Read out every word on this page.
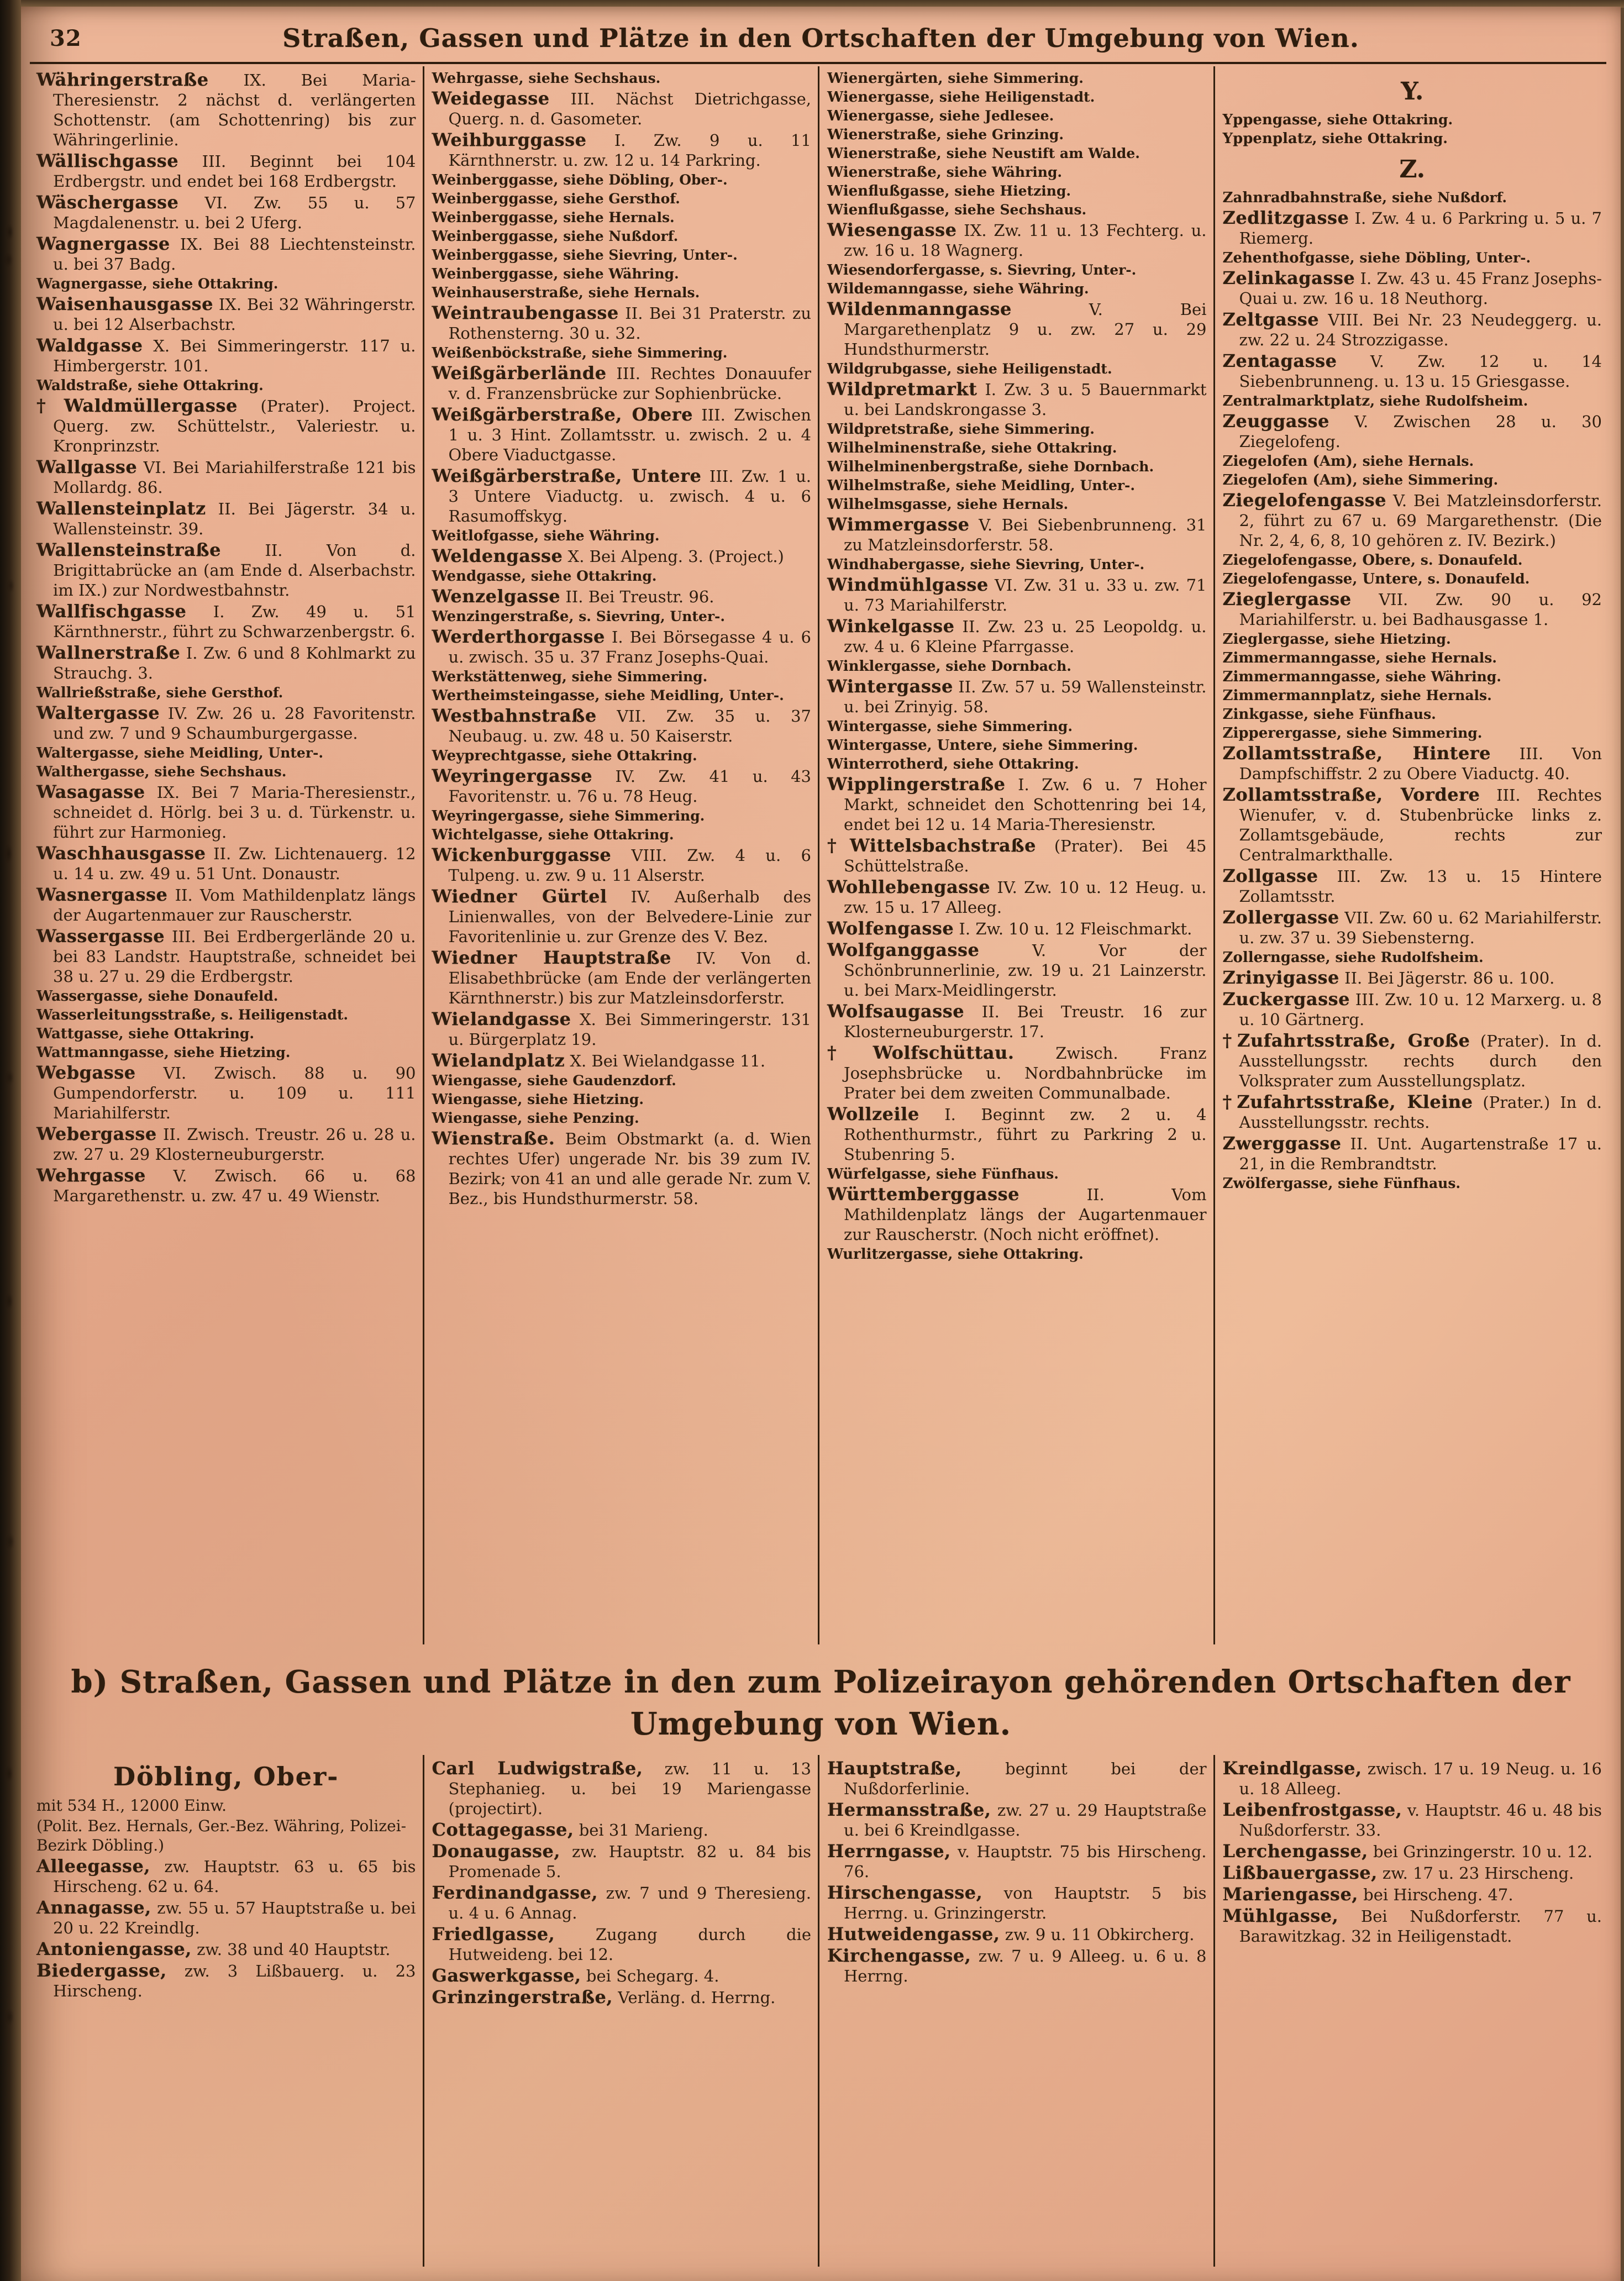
32	Straßen, Gassen und Plätze in den Ortschaften der Umgebung von Wien.
Währingerstraße IX. Bei Maria-Theresienstr. 2 nächst d. verlängerten Schottenstr. (am Schottenring) bis zur Währingerlinie.
Wällischgasse III. Beginnt bei 104 Erdbergstr. und endet bei 168 Erdbergstr.
Wäschergasse VI. Zw. 55 u. 57 Magdalenenstr. u. bei 2 Uferg.
Wagnergasse IX. Bei 88 Liechtensteinstr. u. bei 37 Badg.
Wagnergasse, siehe Ottakring.
Waisenhausgasse IX. Bei 32 Währingerstr. u. bei 12 Alserbachstr.
Waldgasse X. Bei Simmeringerstr. 117 u. Himbergerstr. 101.
Waldstraße, siehe Ottakring.
†Waldmüllergasse (Prater). Project. Querg. zw. Schüttelstr., Valeriestr. u. Kronprinzstr.
Wallgasse VI. Bei Mariahilferstraße 121 bis Mollardg. 86.
Wallensteinplatz II. Bei Jägerstr. 34 u. Wallensteinstr. 39.
Wallensteinstraße II. Von d. Brigittabrücke an (am Ende d. Alserbachstr. im IX.) zur Nordwestbahnstr.
Wallfischgasse I. Zw. 49 u. 51 Kärnthnerstr., führt zu Schwarzenbergstr. 6.
Wallnerstraße I. Zw. 6 und 8 Kohlmarkt zu Strauchg. 3.
Wallrießstraße, siehe Gersthof.
Waltergasse IV. Zw. 26 u. 28 Favoritenstr. und zw. 7 und 9 Schaumburgergasse.
Waltergasse, siehe Meidling, Unter-.
Walthergasse, siehe Sechshaus.
Wasagasse IX. Bei 7 Maria-Theresienstr., schneidet d. Hörlg. bei 3 u. d. Türkenstr. u. führt zur Harmonieg.
Waschhausgasse II. Zw. Lichtenauerg. 12 u. 14 u. zw. 49 u. 51 Unt. Donaustr.
Wasnergasse II. Vom Mathildenplatz längs der Augartenmauer zur Rauscherstr.
Wassergasse III. Bei Erdbergerlände 20 u. bei 83 Landstr. Hauptstraße, schneidet bei 38 u. 27 u. 29 die Erdbergstr.
Wassergasse, siehe Donaufeld.
Wasserleitungsstraße, s. Heiligenstadt.
Wattgasse, siehe Ottakring.
Wattmanngasse, siehe Hietzing.
Webgasse VI. Zwisch. 88 u. 90 Gumpendorferstr. u. 109 u. 111 Mariahilferstr.
Webergasse II. Zwisch. Treustr. 26 u. 28 u. zw. 27 u. 29 Klosterneuburgerstr.
Wehrgasse V. Zwisch. 66 u. 68 Margarethenstr. u. zw. 47 u. 49 Wienstr.
Wehrgasse, siehe Sechshaus.
Weidegasse III. Nächst Dietrichgasse, Querg. n. d. Gasometer.
Weihburggasse I. Zw. 9 u. 11 Kärnthnerstr. u. zw. 12 u. 14 Parkring.
Weinberggasse, siehe Döbling, Ober-.
Weinberggasse, siehe Gersthof.
Weinberggasse, siehe Hernals.
Weinberggasse, siehe Nußdorf.
Weinberggasse, siehe Sievring, Unter-.
Weinberggasse, siehe Währing.
Weinhauserstraße, siehe Hernals.
Weintraubengasse II. Bei 31 Praterstr. zu Rothensterng. 30 u. 32.
Weißenböckstraße, siehe Simmering.
Weißgärberlände III. Rechtes Donauufer v. d. Franzensbrücke zur Sophienbrücke.
Weißgärberstraße, Obere III. Zwischen 1 u. 3 Hint. Zollamtsstr. u. zwisch. 2 u. 4 Obere Viaductgasse.
Weißgärberstraße, Untere III. Zw. 1 u. 3 Untere Viaductg. u. zwisch. 4 u. 6 Rasumoffskyg.
Weitlofgasse, siehe Währing.
Weldengasse X. Bei Alpeng. 3. (Project.)
Wendgasse, siehe Ottakring.
Wenzelgasse II. Bei Treustr. 96.
Wenzingerstraße, s. Sievring, Unter-.
Werderthorgasse I. Bei Börsegasse 4 u. 6 u. zwisch. 35 u. 37 Franz Josephs-Quai.
Werkstättenweg, siehe Simmering.
Wertheimsteingasse, siehe Meidling, Unter-.
Westbahnstraße VII. Zw. 35 u. 37 Neubaug. u. zw. 48 u. 50 Kaiserstr.
Weyprechtgasse, siehe Ottakring.
Weyringergasse IV. Zw. 41 u. 43 Favoritenstr. u. 76 u. 78 Heug.
Weyringergasse, siehe Simmering.
Wichtelgasse, siehe Ottakring.
Wickenburggasse VIII. Zw. 4 u. 6 Tulpeng. u. zw. 9 u. 11 Alserstr.
Wiedner Gürtel IV. Außerhalb des Linienwalles, von der Belvedere-Linie zur Favoritenlinie u. zur Grenze des V. Bez.
Wiedner Hauptstraße IV. Von d. Elisabethbrücke (am Ende der verlängerten Kärnthnerstr.) bis zur Matzleinsdorferstr.
Wielandgasse X. Bei Simmeringerstr. 131 u. Bürgerplatz 19.
Wielandplatz X. Bei Wielandgasse 11.
Wiengasse, siehe Gaudenzdorf.
Wiengasse, siehe Hietzing.
Wiengasse, siehe Penzing.
Wienstraße. Beim Obstmarkt (a. d. Wien rechtes Ufer) ungerade Nr. bis 39 zum IV. Bezirk; von 41 an und alle gerade Nr. zum V. Bez., bis Hundsthurmerstr. 58.
Wienergärten, siehe Simmering.
Wienergasse, siehe Heiligenstadt.
Wienergasse, siehe Jedlesee.
Wienerstraße, siehe Grinzing.
Wienerstraße, siehe Neustift am Walde.
Wienerstraße, siehe Währing.
Wienflußgasse, siehe Hietzing.
Wienflußgasse, siehe Sechshaus.
Wiesengasse IX. Zw. 11 u. 13 Fechterg. u. zw. 16 u. 18 Wagnerg.
Wiesendorfergasse, s. Sievring, Unter-.
Wildemanngasse, siehe Währing.
Wildenmanngasse V. Bei Margarethenplatz 9 u. zw. 27 u. 29 Hundsthurmerstr.
Wildgrubgasse, siehe Heiligenstadt.
Wildpretmarkt I. Zw. 3 u. 5 Bauernmarkt u. bei Landskrongasse 3.
Wildpretstraße, siehe Simmering.
Wilhelminenstraße, siehe Ottakring.
Wilhelminenbergstraße, siehe Dornbach.
Wilhelmstraße, siehe Meidling, Unter-.
Wilhelmsgasse, siehe Hernals.
Wimmergasse V. Bei Siebenbrunneng. 31 zu Matzleinsdorferstr. 58.
Windhabergasse, siehe Sievring, Unter-.
Windmühlgasse VI. Zw. 31 u. 33 u. zw. 71 u. 73 Mariahilferstr.
Winkelgasse II. Zw. 23 u. 25 Leopoldg. u. zw. 4 u. 6 Kleine Pfarrgasse.
Winklergasse, siehe Dornbach.
Wintergasse II. Zw. 57 u. 59 Wallensteinstr. u. bei Zrinyig. 58.
Wintergasse, siehe Simmering.
Wintergasse, Untere, siehe Simmering.
Winterrotherd, siehe Ottakring.
Wipplingerstraße I. Zw. 6 u. 7 Hoher Markt, schneidet den Schottenring bei 14, endet bei 12 u. 14 Maria-Theresienstr.
†Wittelsbachstraße (Prater). Bei 45 Schüttelstraße.
Wohllebengasse IV. Zw. 10 u. 12 Heug. u. zw. 15 u. 17 Alleeg.
Wolfengasse I. Zw. 10 u. 12 Fleischmarkt.
Wolfganggasse V. Vor der Schönbrunnerlinie, zw. 19 u. 21 Lainzerstr. u. bei Marx-Meidlingerstr.
Wolfsaugasse II. Bei Treustr. 16 zur Klosterneuburgerstr. 17.
†Wolfschüttau. Zwisch. Franz Josephsbrücke u. Nordbahnbrücke im Prater bei dem zweiten Communalbade.
Wollzeile I. Beginnt zw. 2 u. 4 Rothenthurmstr., führt zu Parkring 2 u. Stubenring 5.
Würfelgasse, siehe Fünfhaus.
Württemberggasse II. Vom Mathildenplatz längs der Augartenmauer zur Rauscherstr. (Noch nicht eröffnet).
Wurlitzergasse, siehe Ottakring.
Y.
Yppengasse, siehe Ottakring.
Yppenplatz, siehe Ottakring.
Z.
Zahnradbahnstraße, siehe Nußdorf.
Zedlitzgasse I. Zw. 4 u. 6 Parkring u. 5 u. 7 Riemerg.
Zehenthofgasse, siehe Döbling, Unter-.
Zelinkagasse I. Zw. 43 u. 45 Franz Josephs-Quai u. zw. 16 u. 18 Neuthorg.
Zeltgasse VIII. Bei Nr. 23 Neudeggerg. u. zw. 22 u. 24 Strozzigasse.
Zentagasse V. Zw. 12 u. 14 Siebenbrunneng. u. 13 u. 15 Griesgasse.
Zentralmarktplatz, siehe Rudolfsheim.
Zeuggasse V. Zwischen 28 u. 30 Ziegelofeng.
Ziegelofen (Am), siehe Hernals.
Ziegelofen (Am), siehe Simmering.
Ziegelofengasse V. Bei Matzleinsdorferstr. 2, führt zu 67 u. 69 Margarethenstr. (Die Nr. 2, 4, 6, 8, 10 gehören z. IV. Bezirk.)
Ziegelofengasse, Obere, s. Donaufeld.
Ziegelofengasse, Untere, s. Donaufeld.
Zieglergasse VII. Zw. 90 u. 92 Mariahilferstr. u. bei Badhausgasse 1.
Zieglergasse, siehe Hietzing.
Zimmermanngasse, siehe Hernals.
Zimmermanngasse, siehe Währing.
Zimmermannplatz, siehe Hernals.
Zinkgasse, siehe Fünfhaus.
Zipperergasse, siehe Simmering.
Zollamtsstraße, Hintere III. Von Dampfschiffstr. 2 zu Obere Viaductg. 40.
Zollamtsstraße, Vordere III. Rechtes Wienufer, v. d. Stubenbrücke links z. Zollamtsgebäude, rechts zur Centralmarkthalle.
Zollgasse III. Zw. 13 u. 15 Hintere Zollamtsstr.
Zollergasse VII. Zw. 60 u. 62 Mariahilferstr. u. zw. 37 u. 39 Siebensterng.
Zollerngasse, siehe Rudolfsheim.
Zrinyigasse II. Bei Jägerstr. 86 u. 100.
Zuckergasse III. Zw. 10 u. 12 Marxerg. u. 8 u. 10 Gärtnerg.
†Zufahrtsstraße, Große (Prater). In d. Ausstellungsstr. rechts durch den Volksprater zum Ausstellungsplatz.
†Zufahrtsstraße, Kleine (Prater.) In d. Ausstellungsstr. rechts.
Zwerggasse II. Unt. Augartenstraße 17 u. 21, in die Rembrandtstr.
Zwölfergasse, siehe Fünfhaus.
b) Straßen, Gassen und Plätze in den zum Polizeirayon gehörenden Ortschaften der
Umgebung von Wien.
Döbling, Ober-
mit 534 H., 12000 Einw.
(Polit. Bez. Hernals, Ger.-Bez. Währing, Polizei-Bezirk Döbling.)
Alleegasse, zw. Hauptstr. 63 u. 65 bis Hirscheng. 62 u. 64.
Annagasse, zw. 55 u. 57 Hauptstraße u. bei 20 u. 22 Kreindlg.
Antoniengasse, zw. 38 und 40 Hauptstr.
Biedergasse, zw. 3 Lißbauerg. u. 23 Hirscheng.
Carl Ludwigstraße, zw. 11 u. 13 Stephanieg. u. bei 19 Mariengasse (projectirt).
Cottagegasse, bei 31 Marieng.
Donaugasse, zw. Hauptstr. 82 u. 84 bis Promenade 5.
Ferdinandgasse, zw. 7 und 9 Theresieng. u. 4 u. 6 Annag.
Friedlgasse, Zugang durch die Hutweideng. bei 12.
Gaswerkgasse, bei Schegarg. 4.
Grinzingerstraße, Verläng. d. Herrng.
Hauptstraße, beginnt bei der Nußdorferlinie.
Hermansstraße, zw. 27 u. 29 Hauptstraße u. bei 6 Kreindlgasse.
Herrngasse, v. Hauptstr. 75 bis Hirscheng. 76.
Hirschengasse, von Hauptstr. 5 bis Herrng. u. Grinzingerstr.
Hutweidengasse, zw. 9 u. 11 Obkircherg.
Kirchengasse, zw. 7 u. 9 Alleeg. u. 6 u. 8 Herrng.
Kreindlgasse, zwisch. 17 u. 19 Neug. u. 16 u. 18 Alleeg.
Leibenfrostgasse, v. Hauptstr. 46 u. 48 bis Nußdorferstr. 33.
Lerchengasse, bei Grinzingerstr. 10 u. 12.
Lißbauergasse, zw. 17 u. 23 Hirscheng.
Mariengasse, bei Hirscheng. 47.
Mühlgasse, Bei Nußdorferstr. 77 u. Barawitzkag. 32 in Heiligenstadt.
